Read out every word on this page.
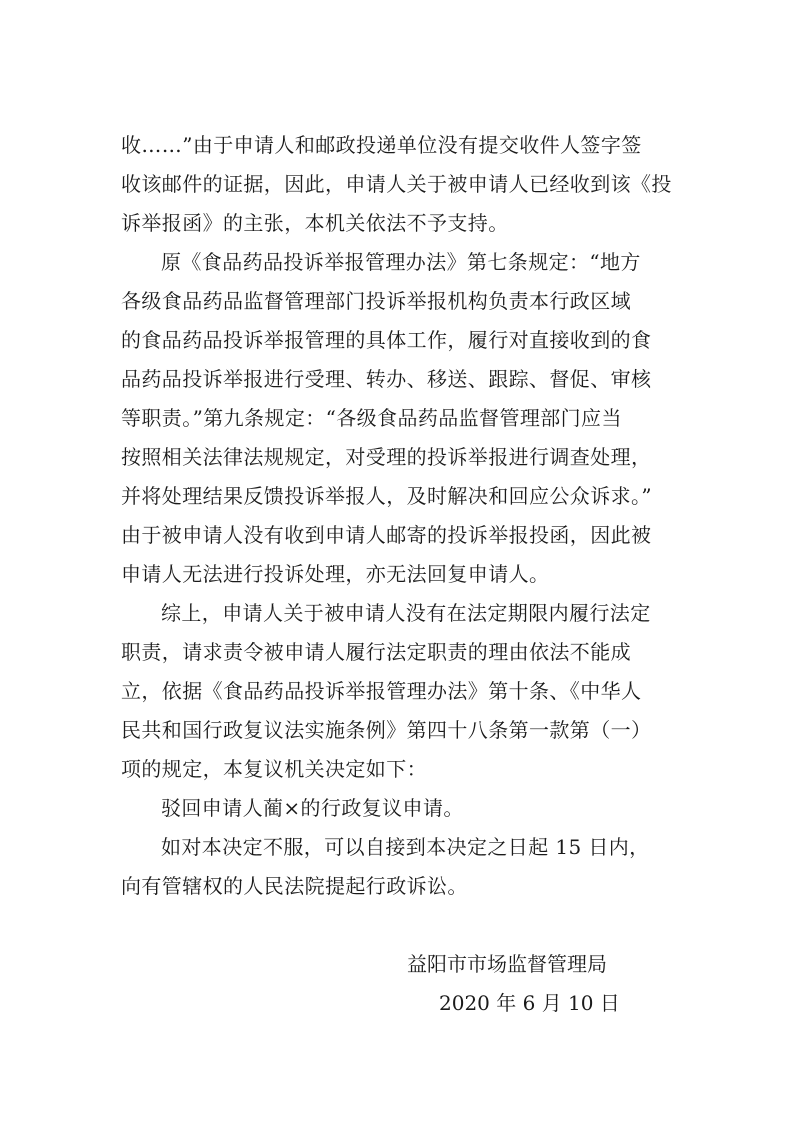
收……”由于申请人和邮政投递单位没有提交收件人签字签
收该邮件的证据，因此，申请人关于被申请人已经收到该《投
诉举报函》的主张，本机关依法不予支持。
原《食品药品投诉举报管理办法》第七条规定：“地方
各级食品药品监督管理部门投诉举报机构负责本行政区域
的食品药品投诉举报管理的具体工作，履行对直接收到的食
品药品投诉举报进行受理、转办、移送、跟踪、督促、审核
等职责。”第九条规定：“各级食品药品监督管理部门应当
按照相关法律法规规定，对受理的投诉举报进行调查处理，
并将处理结果反馈投诉举报人，及时解决和回应公众诉求。”
由于被申请人没有收到申请人邮寄的投诉举报投函，因此被
申请人无法进行投诉处理，亦无法回复申请人。
综上，申请人关于被申请人没有在法定期限内履行法定
职责，请求责令被申请人履行法定职责的理由依法不能成
立，依据《食品药品投诉举报管理办法》第十条、《中华人
民共和国行政复议法实施条例》第四十八条第一款第（一）
项的规定，本复议机关决定如下：
驳回申请人蔺×的行政复议申请。
如对本决定不服，可以自接到本决定之日起 15 日内，
向有管辖权的人民法院提起行政诉讼。
益阳市市场监督管理局
2020 年 6 月 10 日
